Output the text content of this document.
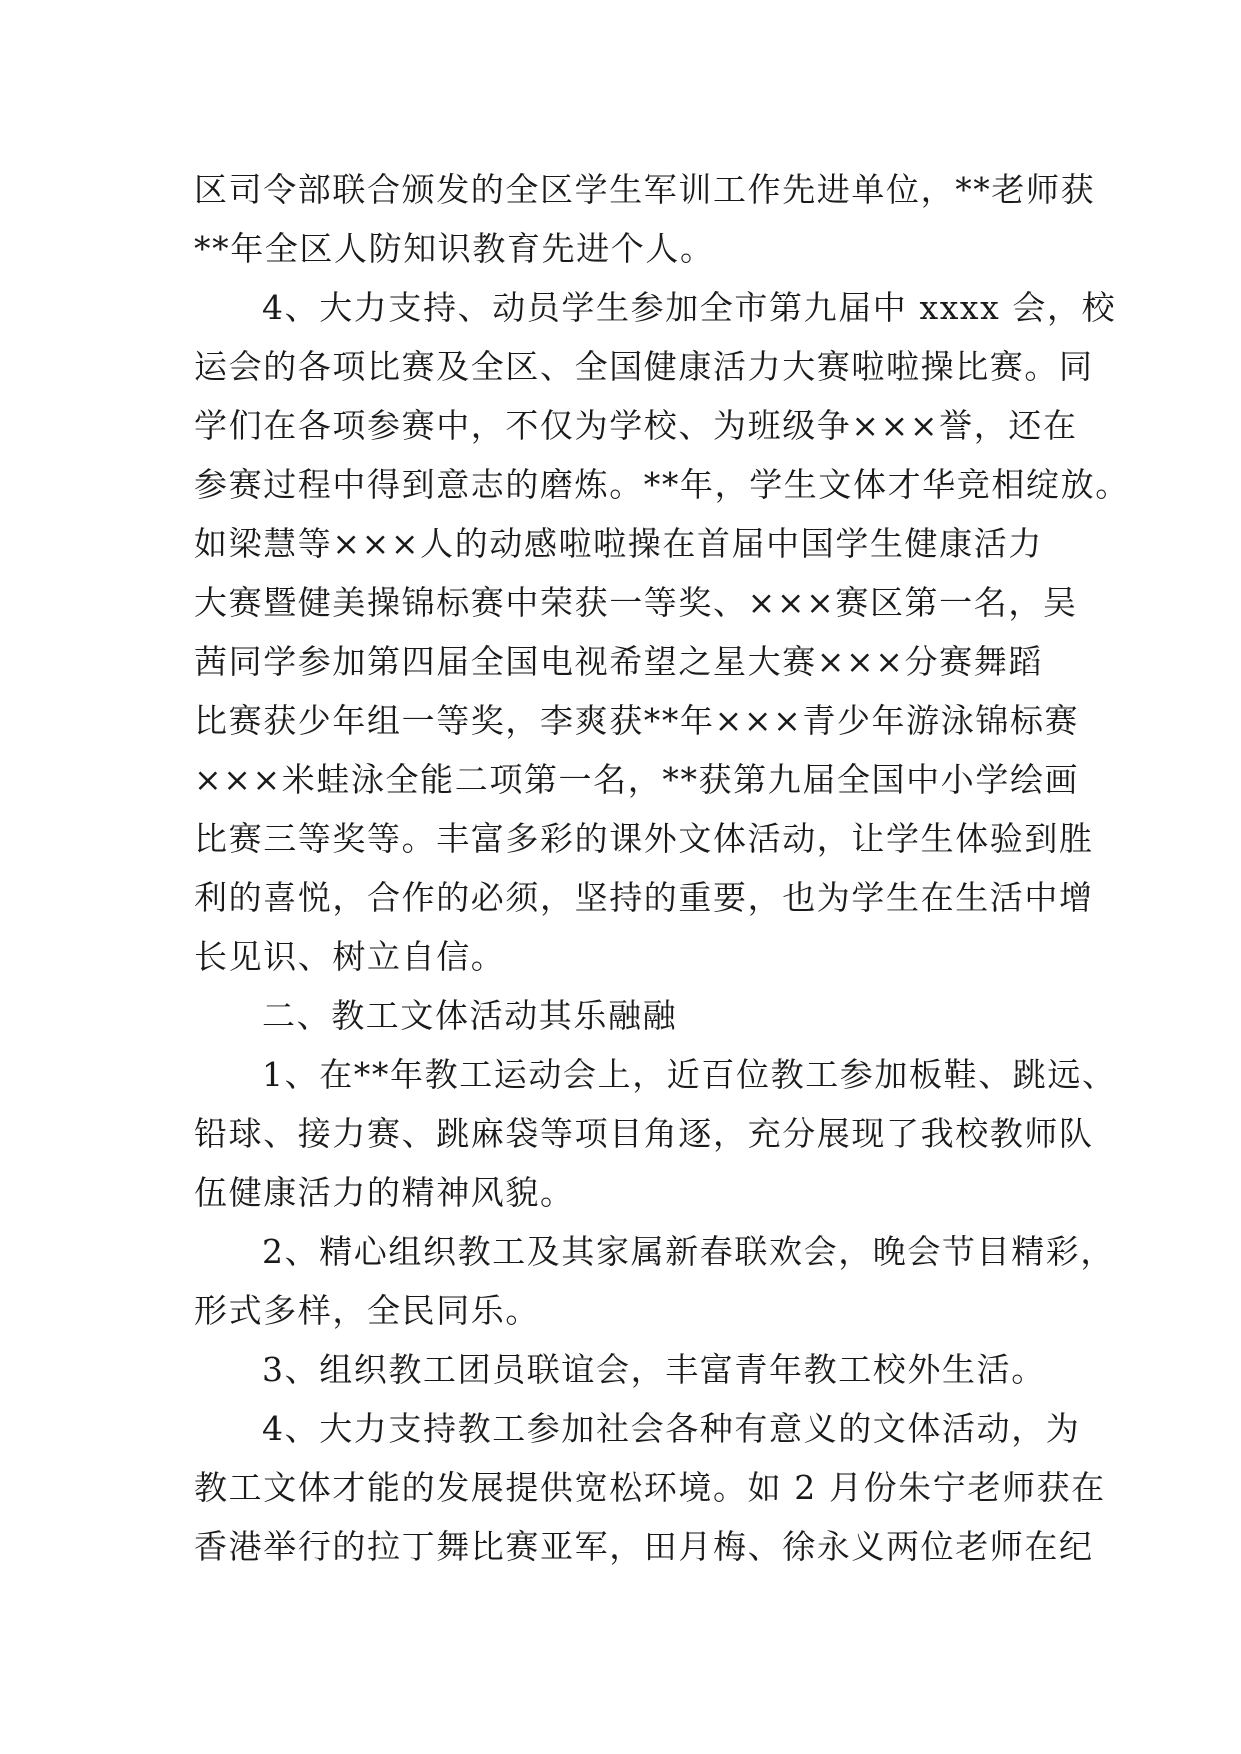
区司令部联合颁发的全区学生军训工作先进单位，**老师获
**年全区人防知识教育先进个人。
4、大力支持、动员学生参加全市第九届中 xxxx 会，校
运会的各项比赛及全区、全国健康活力大赛啦啦操比赛。同
学们在各项参赛中，不仅为学校、为班级争×××誉，还在
参赛过程中得到意志的磨炼。**年，学生文体才华竞相绽放。
如梁慧等×××人的动感啦啦操在首届中国学生健康活力
大赛暨健美操锦标赛中荣获一等奖、×××赛区第一名，吴
茜同学参加第四届全国电视希望之星大赛×××分赛舞蹈
比赛获少年组一等奖，李爽获**年×××青少年游泳锦标赛
×××米蛙泳全能二项第一名，**获第九届全国中小学绘画
比赛三等奖等。丰富多彩的课外文体活动，让学生体验到胜
利的喜悦，合作的必须，坚持的重要，也为学生在生活中增
长见识、树立自信。
二、教工文体活动其乐融融
1、在**年教工运动会上，近百位教工参加板鞋、跳远、
铅球、接力赛、跳麻袋等项目角逐，充分展现了我校教师队
伍健康活力的精神风貌。
2、精心组织教工及其家属新春联欢会，晚会节目精彩，
形式多样，全民同乐。
3、组织教工团员联谊会，丰富青年教工校外生活。
4、大力支持教工参加社会各种有意义的文体活动，为
教工文体才能的发展提供宽松环境。如 2 月份朱宁老师获在
香港举行的拉丁舞比赛亚军，田月梅、徐永义两位老师在纪
